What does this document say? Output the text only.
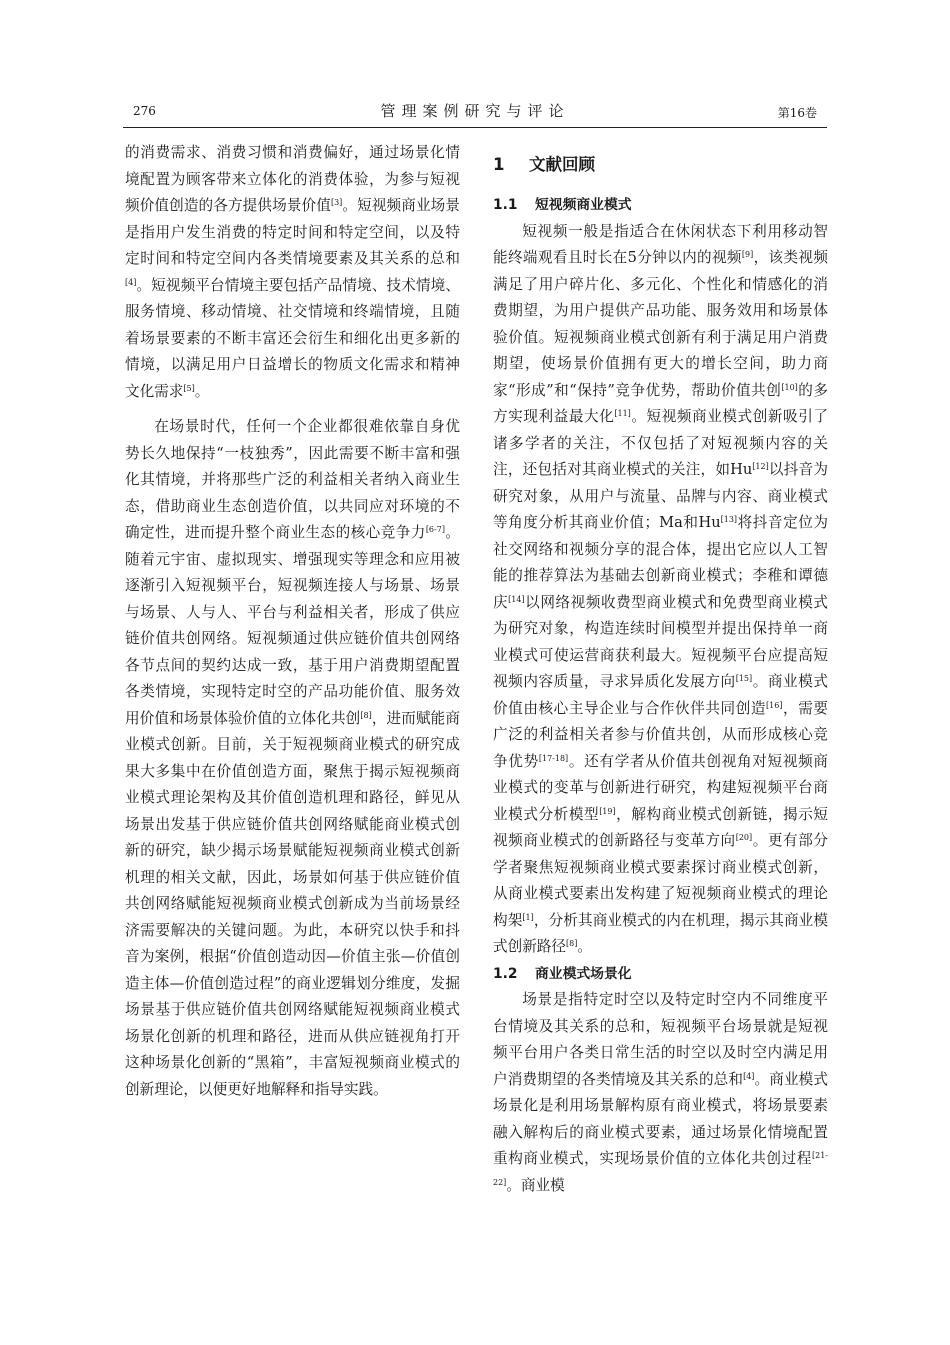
276	管理案例研究与评论	第16卷

的消费需求、消费习惯和消费偏好，通过场景化情境配置为顾客带来立体化的消费体验，为参与短视频价值创造的各方提供场景价值[3]。短视频商业场景是指用户发生消费的特定时间和特定空间，以及特定时间和特定空间内各类情境要素及其关系的总和[4]。短视频平台情境主要包括产品情境、技术情境、服务情境、移动情境、社交情境和终端情境，且随着场景要素的不断丰富还会衍生和细化出更多新的情境，以满足用户日益增长的物质文化需求和精神文化需求[5]。

在场景时代，任何一个企业都很难依靠自身优势长久地保持“一枝独秀”，因此需要不断丰富和强化其情境，并将那些广泛的利益相关者纳入商业生态，借助商业生态创造价值，以共同应对环境的不确定性，进而提升整个商业生态的核心竞争力[6-7]。随着元宇宙、虚拟现实、增强现实等理念和应用被逐渐引入短视频平台，短视频连接人与场景、场景与场景、人与人、平台与利益相关者，形成了供应链价值共创网络。短视频通过供应链价值共创网络各节点间的契约达成一致，基于用户消费期望配置各类情境，实现特定时空的产品功能价值、服务效用价值和场景体验价值的立体化共创[8]，进而赋能商业模式创新。目前，关于短视频商业模式的研究成果大多集中在价值创造方面，聚焦于揭示短视频商业模式理论架构及其价值创造机理和路径，鲜见从场景出发基于供应链价值共创网络赋能商业模式创新的研究，缺少揭示场景赋能短视频商业模式创新机理的相关文献，因此，场景如何基于供应链价值共创网络赋能短视频商业模式创新成为当前场景经济需要解决的关键问题。为此，本研究以快手和抖音为案例，根据“价值创造动因—价值主张—价值创造主体—价值创造过程”的商业逻辑划分维度，发掘场景基于供应链价值共创网络赋能短视频商业模式场景化创新的机理和路径，进而从供应链视角打开这种场景化创新的“黑箱”，丰富短视频商业模式的创新理论，以便更好地解释和指导实践。

1 文献回顾
1.1 短视频商业模式

短视频一般是指适合在休闲状态下利用移动智能终端观看且时长在5分钟以内的视频[9]，该类视频满足了用户碎片化、多元化、个性化和情感化的消费期望，为用户提供产品功能、服务效用和场景体验价值。短视频商业模式创新有利于满足用户消费期望，使场景价值拥有更大的增长空间，助力商家“形成”和“保持”竞争优势，帮助价值共创[10]的多方实现利益最大化[11]。短视频商业模式创新吸引了诸多学者的关注，不仅包括了对短视频内容的关注，还包括对其商业模式的关注，如Hu[12]以抖音为研究对象，从用户与流量、品牌与内容、商业模式等角度分析其商业价值；Ma和Hu[13]将抖音定位为社交网络和视频分享的混合体，提出它应以人工智能的推荐算法为基础去创新商业模式；李稚和谭德庆[14]以网络视频收费型商业模式和免费型商业模式为研究对象，构造连续时间模型并提出保持单一商业模式可使运营商获利最大。短视频平台应提高短视频内容质量，寻求异质化发展方向[15]。商业模式价值由核心主导企业与合作伙伴共同创造[16]，需要广泛的利益相关者参与价值共创，从而形成核心竞争优势[17-18]。还有学者从价值共创视角对短视频商业模式的变革与创新进行研究，构建短视频平台商业模式分析模型[19]，解构商业模式创新链，揭示短视频商业模式的创新路径与变革方向[20]。更有部分学者聚焦短视频商业模式要素探讨商业模式创新，从商业模式要素出发构建了短视频商业模式的理论构架[1]，分析其商业模式的内在机理，揭示其商业模式创新路径[8]。

1.2 商业模式场景化

场景是指特定时空以及特定时空内不同维度平台情境及其关系的总和，短视频平台场景就是短视频平台用户各类日常生活的时空以及时空内满足用户消费期望的各类情境及其关系的总和[4]。商业模式场景化是利用场景解构原有商业模式，将场景要素融入解构后的商业模式要素，通过场景化情境配置重构商业模式，实现场景价值的立体化共创过程[21-22]。商业模
